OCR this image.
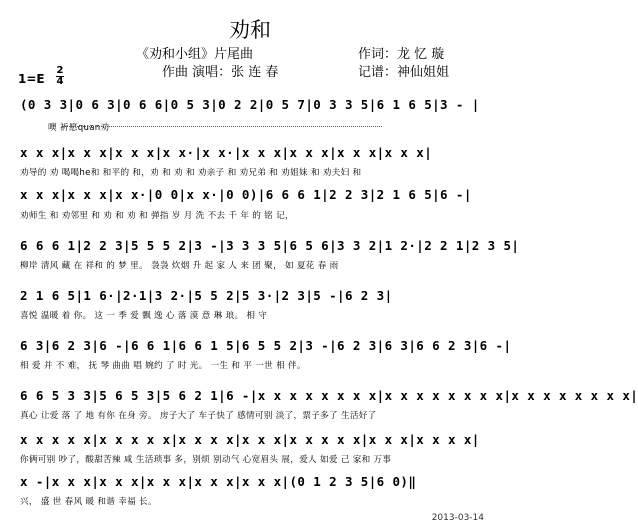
劝和
《劝和小组》片尾曲
作曲 演唱：张 连 春
作词：龙 忆 璇
记谱：神仙姐姐
1=E
2
4
(0 3 3|0 6 3|0 6 6|0 5 3|0 2 2|0 5 7|0 3 3 5|6 1 6 5|3 - |
噢 祈愿quan劝
x x x|x x x|x x x|x x·|x x·|x x x|x x x|x x x|x x x|
劝导的 劝 喝喝he和 和平的 和，劝 和 劝 和 劝亲子 和 劝兄弟 和 劝姐妹 和 劝夫妇 和
x x x|x x x|x x·|0 0|x x·|0 0)|6 6 6 1|2 2 3|2 1 6 5|6 -|
劝师生 和 劝邻里 和 劝 和 劝 和 弹指 岁 月 洗 不去 千 年 的 铭 记，
6 6 6 1|2 2 3|5 5 5 2|3 -|3 3 3 5|6 5 6|3 3 2|1 2·|2 2 1|2 3 5|
柳岸 清风 藏 在 祥和 的 梦 里。 袅袅 炊烟 升 起 家 人 来 团 聚， 如 夏花 春 雨
2 1 6 5|1 6·|2·1|3 2·|5 5 2|5 3·|2 3|5 -|6 2 3|
喜悦 温暖 着 你。 这 一 季 爱 飘 逸 心 落 漠 意 琳 琅。 相 守
6 3|6 2 3|6 -|6 6 1|6 6 1 5|6 5 5 2|3 -|6 2 3|6 3|6 6 2 3|6 -|
相 爱 并 不 难， 抚 琴 曲曲 唱 婉约 了 时 光。 一生 和 平 一世 相 伴。
6 6 5 3 3|5 6 5 3|5 6 2 1|6 -|x x x x x x x x|x x x x x x x x|x x x x x x x x|
真心 让爱 落 了 地 有你 在身 旁。 房子大了 车子快了 感情可别 淡了，票子多了 生活好了
x x x x x|x x x x x|x x x x|x x x|x x x x x|x x x|x x x x|
你俩可别 吵了，酸甜苦辣 咸 生活琐事 多，别烦 别动气 心宽眉头 展，爱人 如爱 己 家和 万事
x -|x x x|x x x|x x x|x x x|x x x|(0 1 2 3 5|6 0)‖
兴， 盛 世 春风 暖 和谐 幸福 长。
2013-03-14
